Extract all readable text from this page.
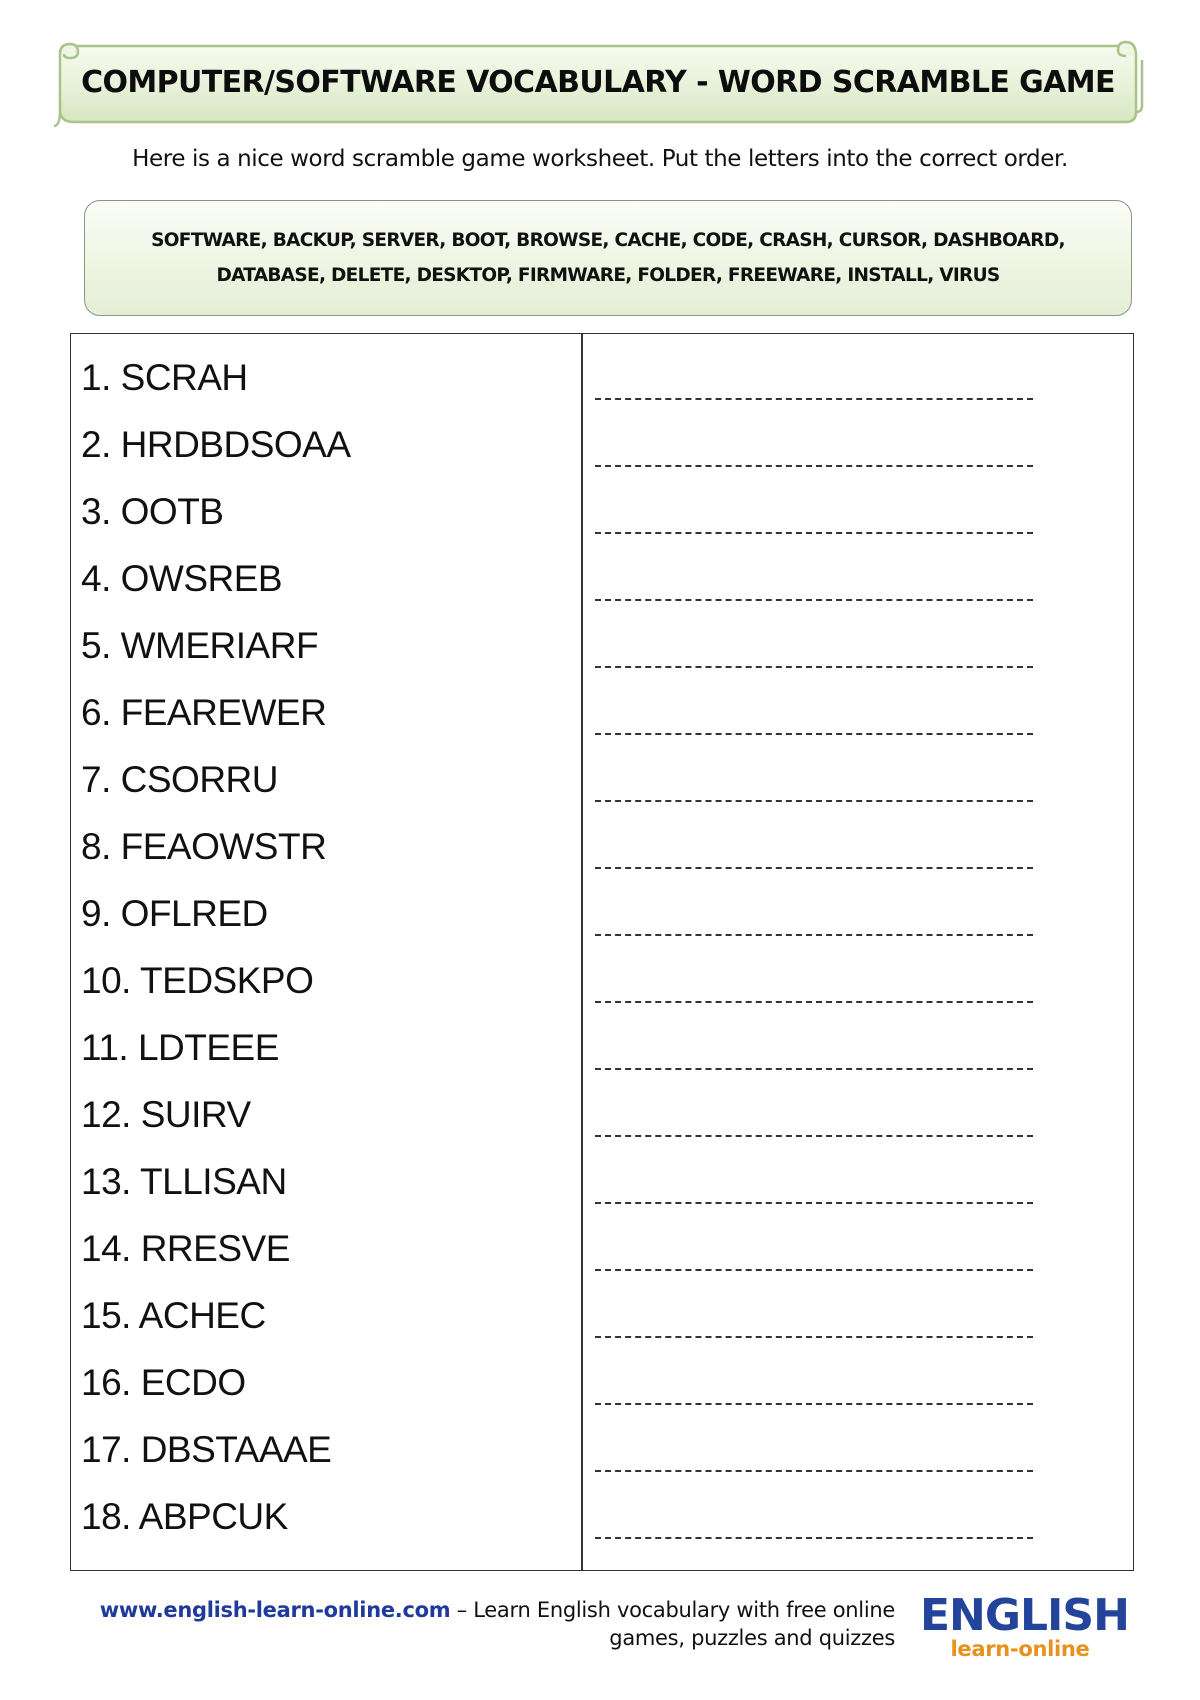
COMPUTER/SOFTWARE VOCABULARY - WORD SCRAMBLE GAME
Here is a nice word scramble game worksheet. Put the letters into the correct order.
SOFTWARE, BACKUP, SERVER, BOOT, BROWSE, CACHE, CODE, CRASH, CURSOR, DASHBOARD,
DATABASE, DELETE, DESKTOP, FIRMWARE, FOLDER, FREEWARE, INSTALL, VIRUS
1. SCRAH
2. HRDBDSOAA
3. OOTB
4. OWSREB
5. WMERIARF
6. FEAREWER
7. CSORRU
8. FEAOWSTR
9. OFLRED
10. TEDSKPO
11. LDTEEE
12. SUIRV
13. TLLISAN
14. RRESVE
15. ACHEC
16. ECDO
17. DBSTAAAE
18. ABPCUK
www.english-learn-online.com – Learn English vocabulary with free online
games, puzzles and quizzes ENGLISH
learn-online
